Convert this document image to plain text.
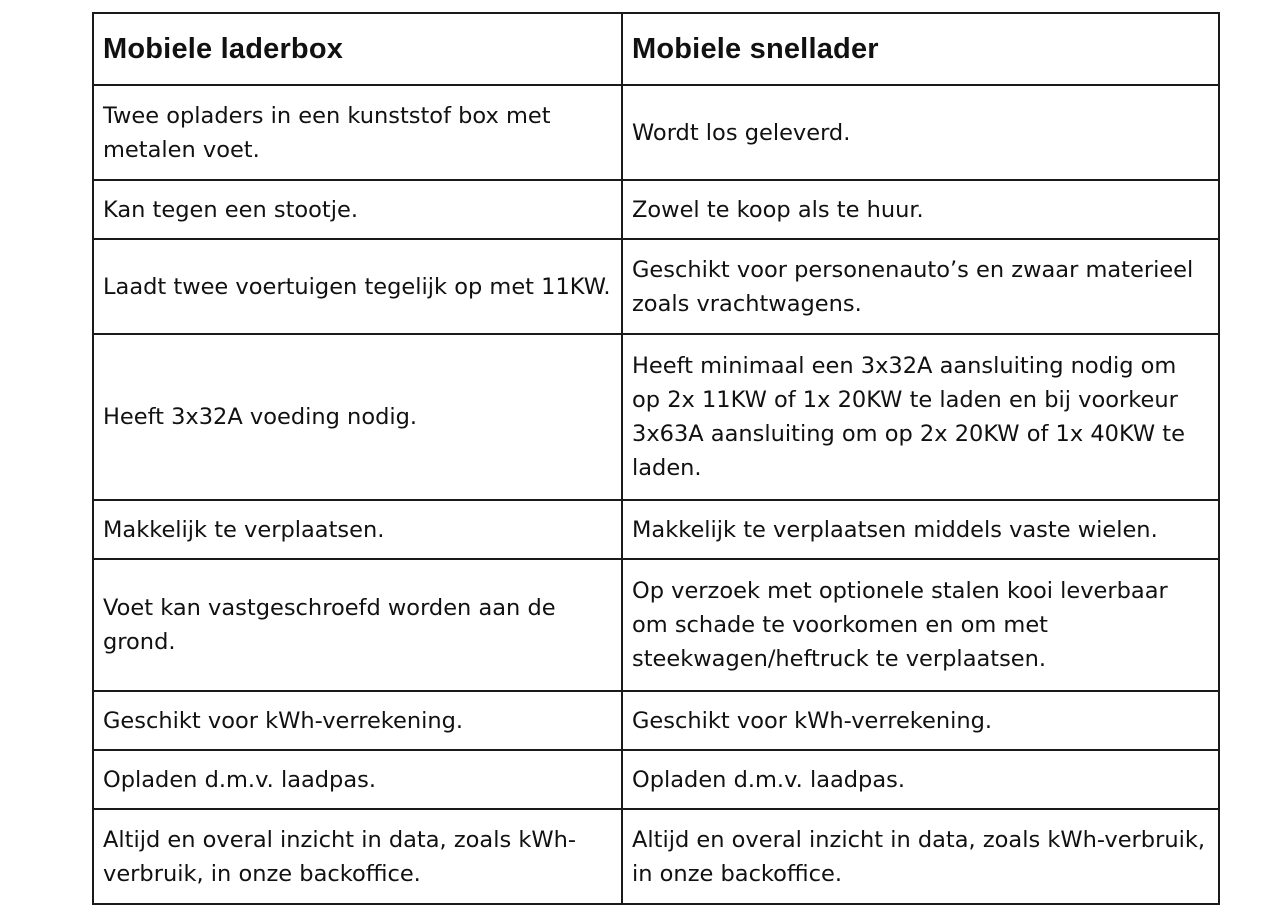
Mobiele laderbox	Mobiele snellader
Twee opladers in een kunststof box met metalen voet.	Wordt los geleverd.
Kan tegen een stootje.	Zowel te koop als te huur.
Laadt twee voertuigen tegelijk op met 11KW.	Geschikt voor personenauto’s en zwaar materieel zoals vrachtwagens.
Heeft 3x32A voeding nodig.	Heeft minimaal een 3x32A aansluiting nodig om op 2x 11KW of 1x 20KW te laden en bij voorkeur 3x63A aansluiting om op 2x 20KW of 1x 40KW te laden.
Makkelijk te verplaatsen.	Makkelijk te verplaatsen middels vaste wielen.
Voet kan vastgeschroefd worden aan de grond.	Op verzoek met optionele stalen kooi leverbaar om schade te voorkomen en om met steekwagen/heftruck te verplaatsen.
Geschikt voor kWh-verrekening.	Geschikt voor kWh-verrekening.
Opladen d.m.v. laadpas.	Opladen d.m.v. laadpas.
Altijd en overal inzicht in data, zoals kWh-verbruik, in onze backoffice.	Altijd en overal inzicht in data, zoals kWh-verbruik, in onze backoffice.
